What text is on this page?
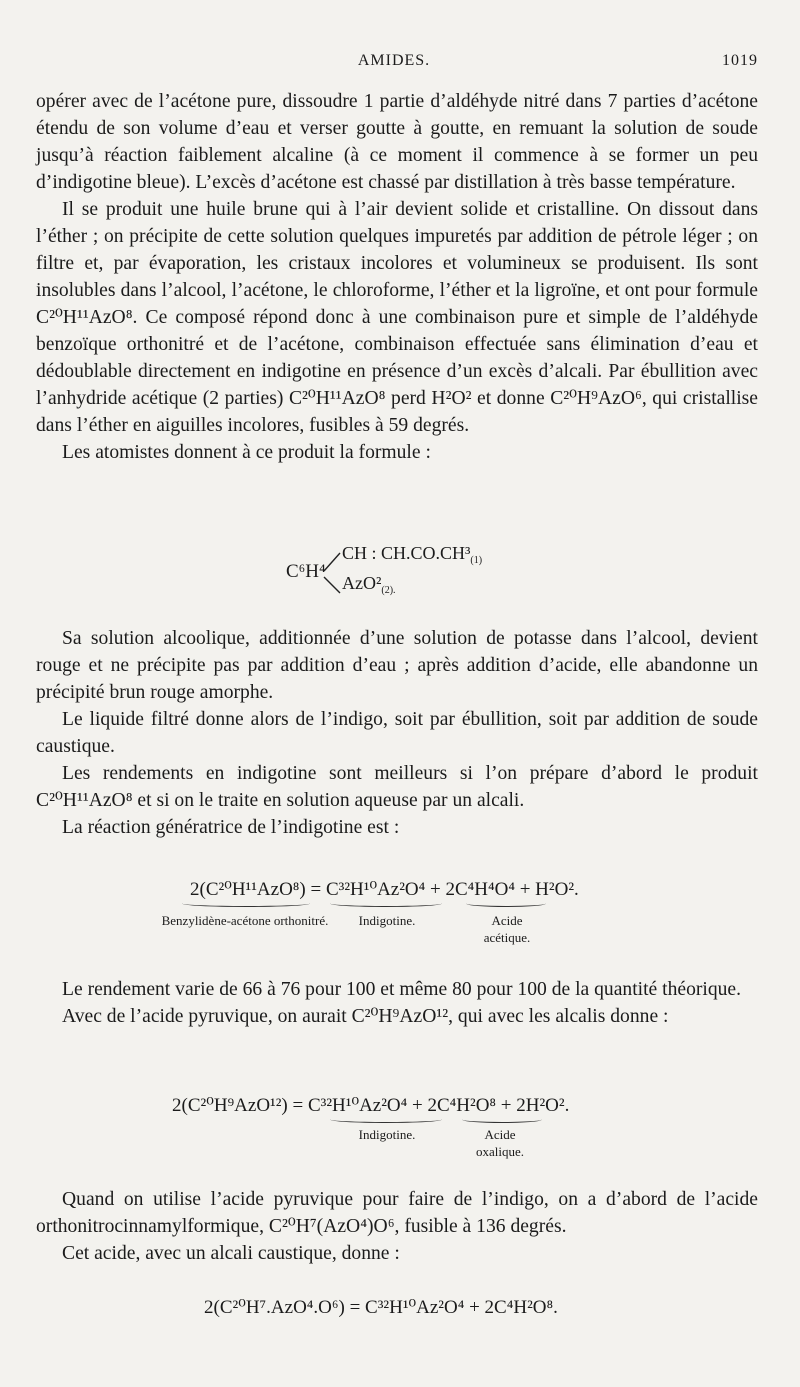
AMIDES.	1019

opérer avec de l’acétone pure, dissoudre 1 partie d’aldéhyde nitré dans 7 parties d’acétone étendu de son volume d’eau et verser goutte à goutte, en remuant la solution de soude jusqu’à réaction faiblement alcaline (à ce moment il commence à se former un peu d’indigotine bleue). L’excès d’acétone est chassé par distillation à très basse température.

Il se produit une huile brune qui à l’air devient solide et cristalline. On dissout dans l’éther ; on précipite de cette solution quelques impuretés par addition de pétrole léger ; on filtre et, par évaporation, les cristaux incolores et volumineux se produisent. Ils sont insolubles dans l’alcool, l’acétone, le chloroforme, l’éther et la ligroïne, et ont pour formule C²⁰H¹¹AzO⁸. Ce composé répond donc à une combinaison pure et simple de l’aldéhyde benzoïque orthonitré et de l’acétone, combinaison effectuée sans élimination d’eau et dédoublable directement en indigotine en présence d’un excès d’alcali. Par ébullition avec l’anhydride acétique (2 parties) C²⁰H¹¹AzO⁸ perd H²O² et donne C²⁰H⁹AzO⁶, qui cristallise dans l’éther en aiguilles incolores, fusibles à 59 degrés.

Les atomistes donnent à ce produit la formule :

C⁶H⁴
CH : $CH.CO.CH^3_{(1)}$
$AzO^2_{(2).}$

Sa solution alcoolique, additionnée d’une solution de potasse dans l’alcool, devient rouge et ne précipite pas par addition d’eau ; après addition d’acide, elle abandonne un précipité brun rouge amorphe.

Le liquide filtré donne alors de l’indigo, soit par ébullition, soit par addition de soude caustique.

Les rendements en indigotine sont meilleurs si l’on prépare d’abord le produit C²⁰H¹¹AzO⁸ et si on le traite en solution aqueuse par un alcali.

La réaction génératrice de l’indigotine est :

2(C²⁰H¹¹AzO⁸) = C³²H¹⁰Az²O⁴ + 2C⁴H⁴O⁴ + H²O².
Benzylidène-acétone orthonitré.	Indigotine.	Acide acétique.

Le rendement varie de 66 à 76 pour 100 et même 80 pour 100 de la quantité théorique.

Avec de l’acide pyruvique, on aurait C²⁰H⁹AzO¹², qui avec les alcalis donne :

2(C²⁰H⁹AzO¹²) = C³²H¹⁰Az²O⁴ + 2C⁴H²O⁸ + 2H²O².
Indigotine.	Acide oxalique.

Quand on utilise l’acide pyruvique pour faire de l’indigo, on a d’abord de l’acide orthonitrocinnamylformique, C²⁰H⁷(AzO⁴)O⁶, fusible à 136 degrés.

Cet acide, avec un alcali caustique, donne :

2(C²⁰H⁷.AzO⁴.O⁶) = C³²H¹⁰Az²O⁴ + 2C⁴H²O⁸.
